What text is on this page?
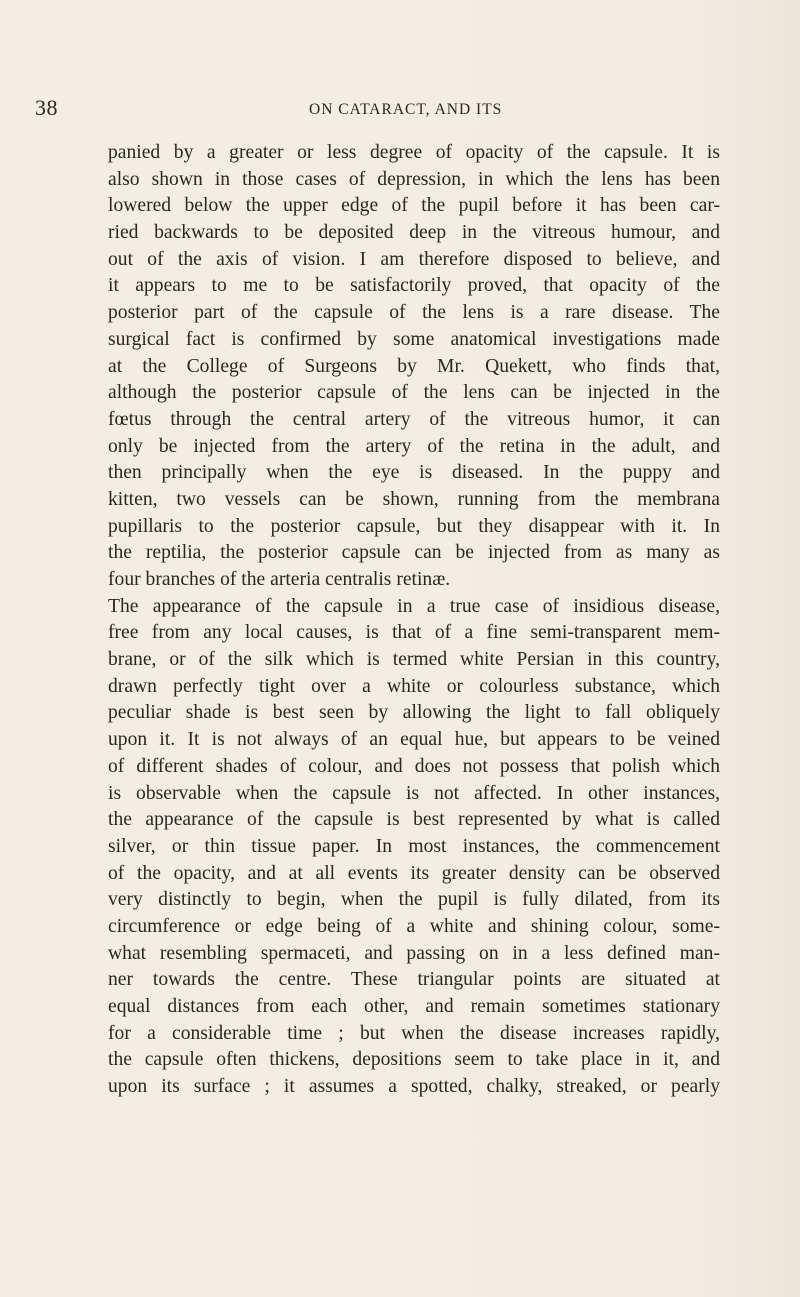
38	ON CATARACT, AND ITS
panied by a greater or less degree of opacity of the capsule. It is
also shown in those cases of depression, in which the lens has been
lowered below the upper edge of the pupil before it has been car-
ried backwards to be deposited deep in the vitreous humour, and
out of the axis of vision. I am therefore disposed to believe, and
it appears to me to be satisfactorily proved, that opacity of the
posterior part of the capsule of the lens is a rare disease. The
surgical fact is confirmed by some anatomical investigations made
at the College of Surgeons by Mr. Quekett, who finds that,
although the posterior capsule of the lens can be injected in the
fœtus through the central artery of the vitreous humor, it can
only be injected from the artery of the retina in the adult, and
then principally when the eye is diseased. In the puppy and
kitten, two vessels can be shown, running from the membrana
pupillaris to the posterior capsule, but they disappear with it. In
the reptilia, the posterior capsule can be injected from as many as
four branches of the arteria centralis retinæ.
The appearance of the capsule in a true case of insidious disease,
free from any local causes, is that of a fine semi-transparent mem-
brane, or of the silk which is termed white Persian in this country,
drawn perfectly tight over a white or colourless substance, which
peculiar shade is best seen by allowing the light to fall obliquely
upon it. It is not always of an equal hue, but appears to be veined
of different shades of colour, and does not possess that polish which
is observable when the capsule is not affected. In other instances,
the appearance of the capsule is best represented by what is called
silver, or thin tissue paper. In most instances, the commencement
of the opacity, and at all events its greater density can be observed
very distinctly to begin, when the pupil is fully dilated, from its
circumference or edge being of a white and shining colour, some-
what resembling spermaceti, and passing on in a less defined man-
ner towards the centre. These triangular points are situated at
equal distances from each other, and remain sometimes stationary
for a considerable time ; but when the disease increases rapidly,
the capsule often thickens, depositions seem to take place in it, and
upon its surface ; it assumes a spotted, chalky, streaked, or pearly
